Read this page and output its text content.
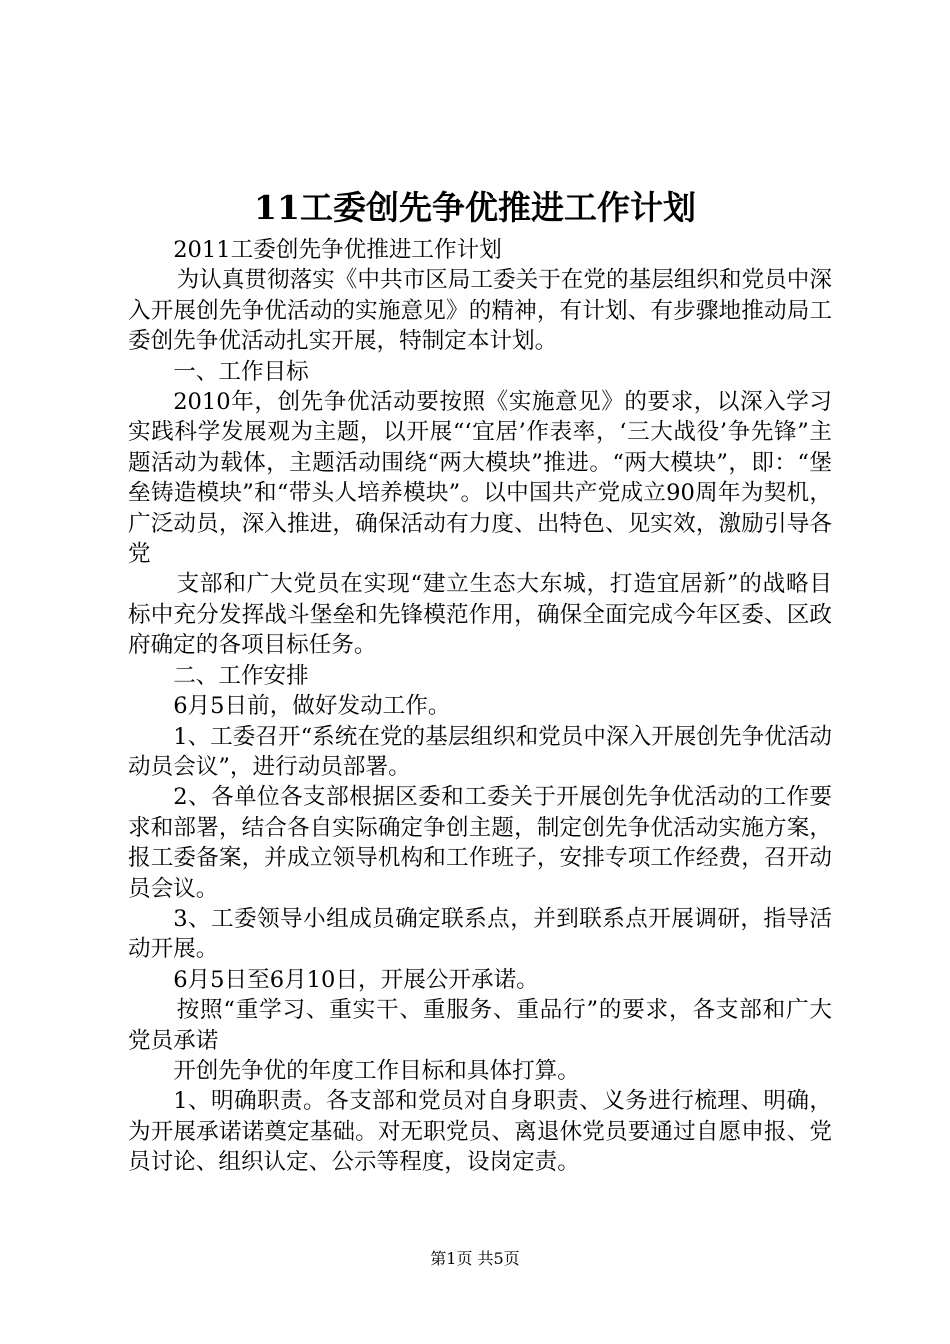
11工委创先争优推进工作计划

2011工委创先争优推进工作计划

为认真贯彻落实《中共市区局工委关于在党的基层组织和党员中深入开展创先争优活动的实施意见》的精神，有计划、有步骤地推动局工委创先争优活动扎实开展，特制定本计划。

一、工作目标

2010年，创先争优活动要按照《实施意见》的要求，以深入学习实践科学发展观为主题，以开展“‘宜居’作表率，‘三大战役’争先锋”主题活动为载体，主题活动围绕“两大模块”推进。“两大模块”，即：“堡垒铸造模块”和“带头人培养模块”。以中国共产党成立90周年为契机，广泛动员，深入推进，确保活动有力度、出特色、见实效，激励引导各党

支部和广大党员在实现“建立生态大东城，打造宜居新”的战略目标中充分发挥战斗堡垒和先锋模范作用，确保全面完成今年区委、区政府确定的各项目标任务。

二、工作安排

6月5日前，做好发动工作。

1、工委召开“系统在党的基层组织和党员中深入开展创先争优活动动员会议”，进行动员部署。

2、各单位各支部根据区委和工委关于开展创先争优活动的工作要求和部署，结合各自实际确定争创主题，制定创先争优活动实施方案，报工委备案，并成立领导机构和工作班子，安排专项工作经费，召开动员会议。

3、工委领导小组成员确定联系点，并到联系点开展调研，指导活动开展。

6月5日至6月10日，开展公开承诺。

按照“重学习、重实干、重服务、重品行”的要求，各支部和广大党员承诺

开创先争优的年度工作目标和具体打算。

1、明确职责。各支部和党员对自身职责、义务进行梳理、明确，为开展承诺诺奠定基础。对无职党员、离退休党员要通过自愿申报、党员讨论、组织认定、公示等程度，设岗定责。

第1页 共5页
